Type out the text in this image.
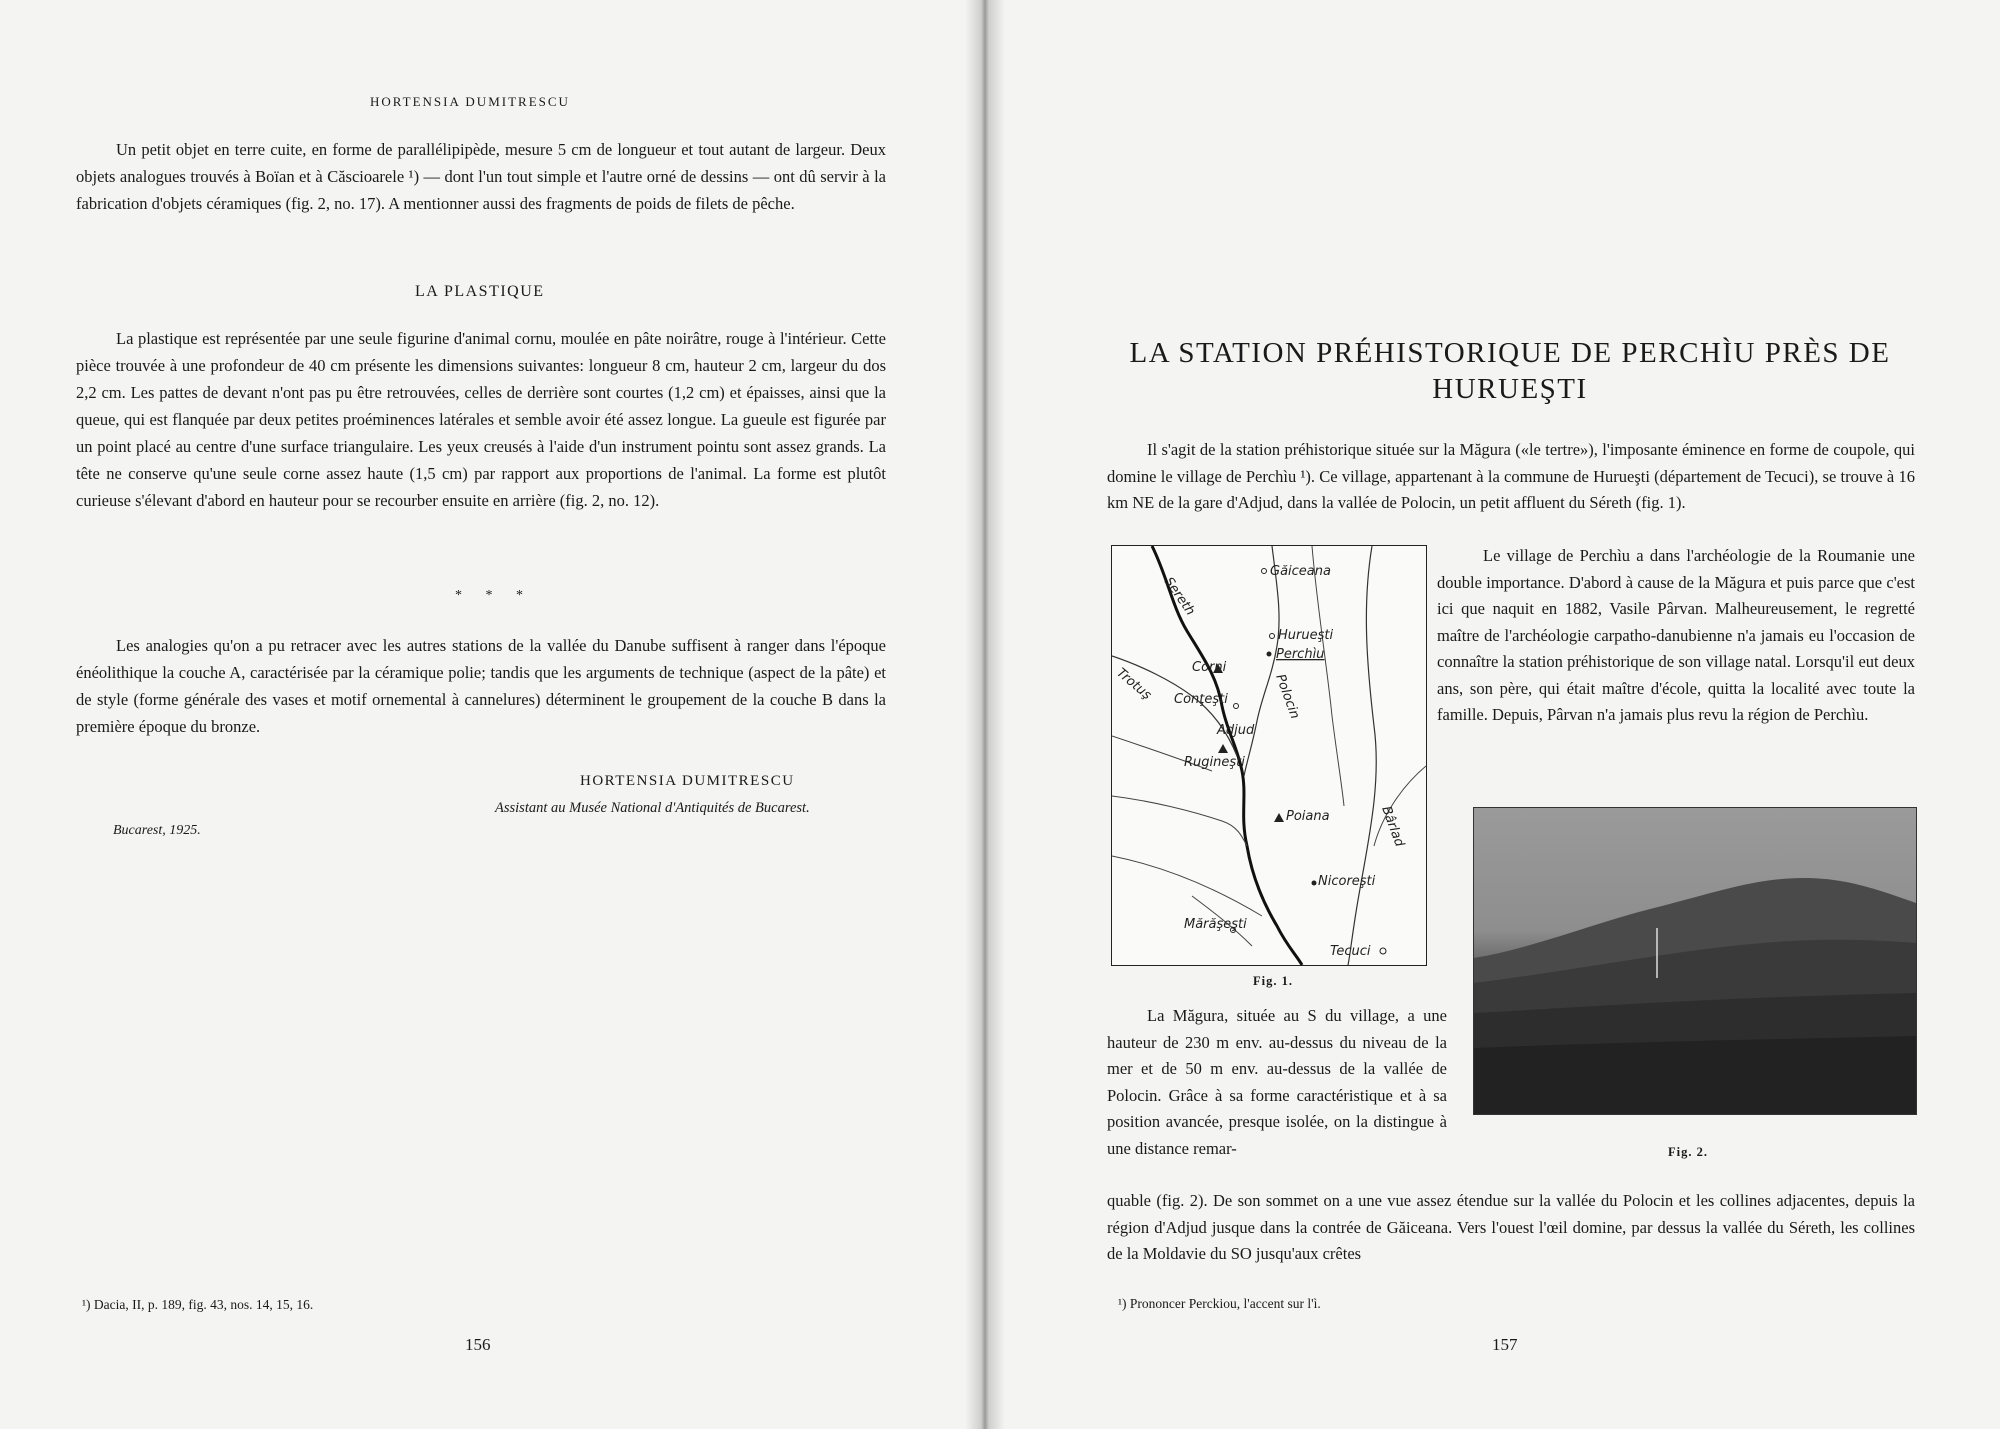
HORTENSIA DUMITRESCU
Un petit objet en terre cuite, en forme de parallélipipède, mesure 5 cm de longueur et tout autant de largeur. Deux objets analogues trouvés à Boïan et à Căscioarele ¹) — dont l'un tout simple et l'autre orné de dessins — ont dû servir à la fabrication d'objets céramiques (fig. 2, no. 17). A mentionner aussi des fragments de poids de filets de pêche.
LA PLASTIQUE
La plastique est représentée par une seule figurine d'animal cornu, moulée en pâte noirâtre, rouge à l'intérieur. Cette pièce trouvée à une profondeur de 40 cm présente les dimensions suivantes: longueur 8 cm, hauteur 2 cm, largeur du dos 2,2 cm. Les pattes de devant n'ont pas pu être retrouvées, celles de derrière sont courtes (1,2 cm) et épaisses, ainsi que la queue, qui est flanquée par deux petites proéminences latérales et semble avoir été assez longue. La gueule est figurée par un point placé au centre d'une surface triangulaire. Les yeux creusés à l'aide d'un instrument pointu sont assez grands. La tête ne conserve qu'une seule corne assez haute (1,5 cm) par rapport aux proportions de l'animal. La forme est plutôt curieuse s'élevant d'abord en hauteur pour se recourber ensuite en arrière (fig. 2, no. 12).
* * *
Les analogies qu'on a pu retracer avec les autres stations de la vallée du Danube suffisent à ranger dans l'époque énéolithique la couche A, caractérisée par la céramique polie; tandis que les arguments de technique (aspect de la pâte) et de style (forme générale des vases et motif ornemental à cannelures) déterminent le groupement de la couche B dans la première époque du bronze.
HORTENSIA DUMITRESCU
Assistant au Musée National d'Antiquités de Bucarest.
Bucarest, 1925.
¹) Dacia, II, p. 189, fig. 43, nos. 14, 15, 16.
156
LA STATION PRÉHISTORIQUE DE PERCHÌU PRÈS DE HURUEŞTI
Il s'agit de la station préhistorique située sur la Măgura («le tertre»), l'imposante éminence en forme de coupole, qui domine le village de Perchìu ¹). Ce village, appartenant à la commune de Hurueşti (département de Tecuci), se trouve à 16 km NE de la gare d'Adjud, dans la vallée de Polocin, un petit affluent du Séreth (fig. 1).
Găiceana
Hurueşti
Perchìu
Corni
Conţeşti
Adjud
Rugineşti
Poiana
Nicoreşti
Mărăşeşti
Tecuci
Sereth
Trotuş	Polocin
Bârlad
Fig. 1.
Le village de Perchìu a dans l'archéologie de la Roumanie une double importance. D'abord à cause de la Măgura et puis parce que c'est ici que naquit en 1882, Vasile Pârvan. Malheureusement, le regretté maître de l'archéologie carpatho-danubienne n'a jamais eu l'occasion de connaître la station préhistorique de son village natal. Lorsqu'il eut deux ans, son père, qui était maître d'école, quitta la localité avec toute la famille. Depuis, Pârvan n'a jamais plus revu la région de Perchìu.
Fig. 2.
La Măgura, située au S du village, a une hauteur de 230 m env. au-dessus du niveau de la mer et de 50 m env. au-dessus de la vallée de Polocin. Grâce à sa forme caractéristique et à sa position avancée, presque isolée, on la distingue à une distance remar-
quable (fig. 2). De son sommet on a une vue assez étendue sur la vallée du Polocin et les collines adjacentes, depuis la région d'Adjud jusque dans la contrée de Găiceana. Vers l'ouest l'œil domine, par dessus la vallée du Séreth, les collines de la Moldavie du SO jusqu'aux crêtes
¹) Prononcer Perckiou, l'accent sur l'ì.
157
